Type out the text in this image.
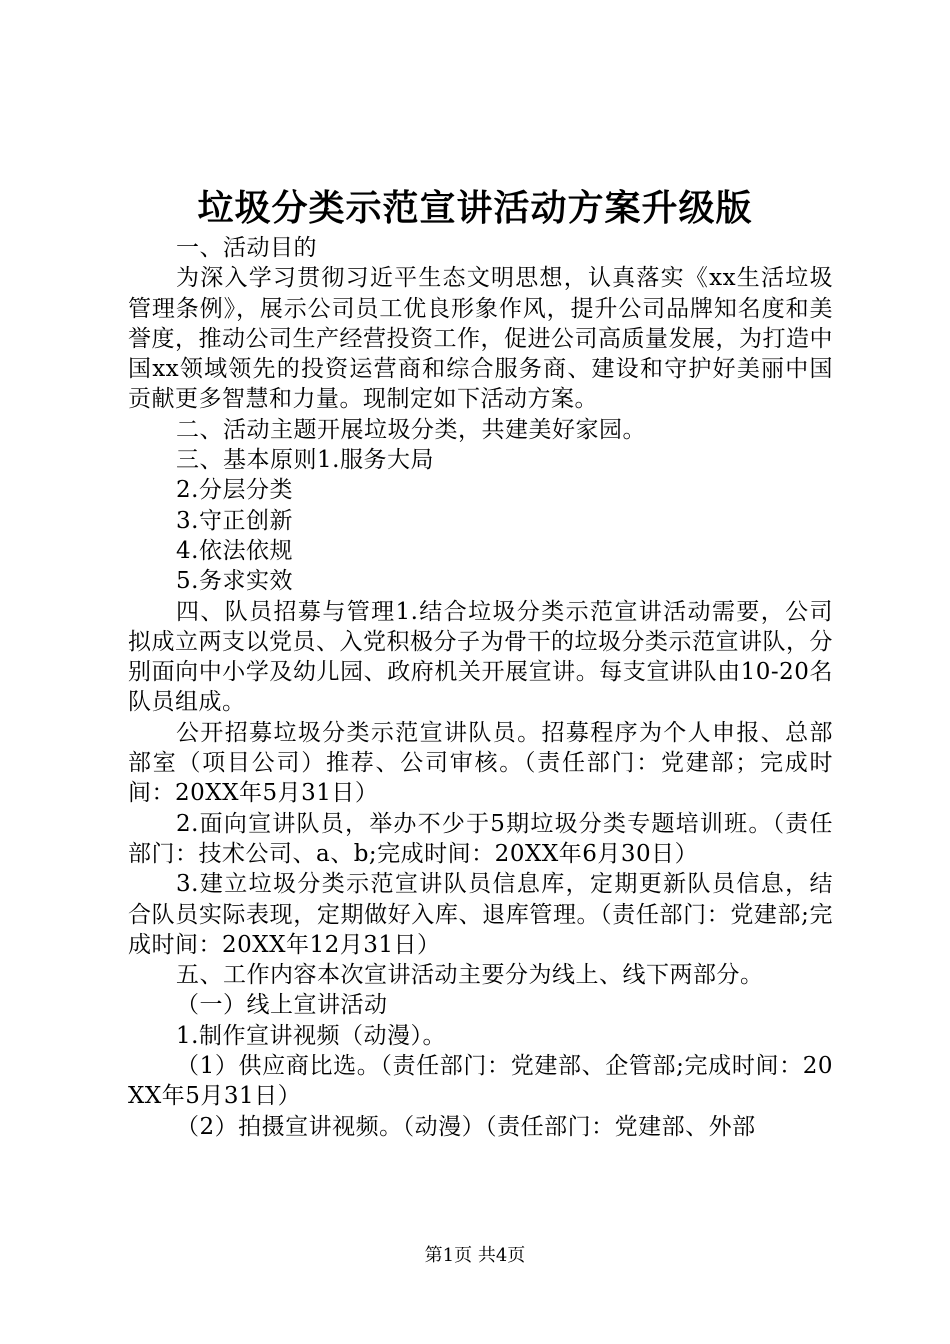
垃圾分类示范宣讲活动方案升级版

一、活动目的

为深入学习贯彻习近平生态文明思想，认真落实《xx生活垃圾管理条例》，展示公司员工优良形象作风，提升公司品牌知名度和美誉度，推动公司生产经营投资工作，促进公司高质量发展，为打造中国xx领域领先的投资运营商和综合服务商、建设和守护好美丽中国贡献更多智慧和力量。现制定如下活动方案。

二、活动主题开展垃圾分类，共建美好家园。

三、基本原则1.服务大局

2.分层分类

3.守正创新

4.依法依规

5.务求实效

四、队员招募与管理1.结合垃圾分类示范宣讲活动需要，公司拟成立两支以党员、入党积极分子为骨干的垃圾分类示范宣讲队，分别面向中小学及幼儿园、政府机关开展宣讲。每支宣讲队由10-20名队员组成。

公开招募垃圾分类示范宣讲队员。招募程序为个人申报、总部部室（项目公司）推荐、公司审核。（责任部门：党建部；完成时间：20XX年5月31日）

2.面向宣讲队员，举办不少于5期垃圾分类专题培训班。（责任部门：技术公司、a、b;完成时间：20XX年6月30日）

3.建立垃圾分类示范宣讲队员信息库，定期更新队员信息，结合队员实际表现，定期做好入库、退库管理。（责任部门：党建部;完成时间：20XX年12月31日）

五、工作内容本次宣讲活动主要分为线上、线下两部分。

（一）线上宣讲活动

1.制作宣讲视频（动漫）。

（1）供应商比选。（责任部门：党建部、企管部;完成时间：20XX年5月31日）

（2）拍摄宣讲视频。（动漫）（责任部门：党建部、外部

第1页 共4页
